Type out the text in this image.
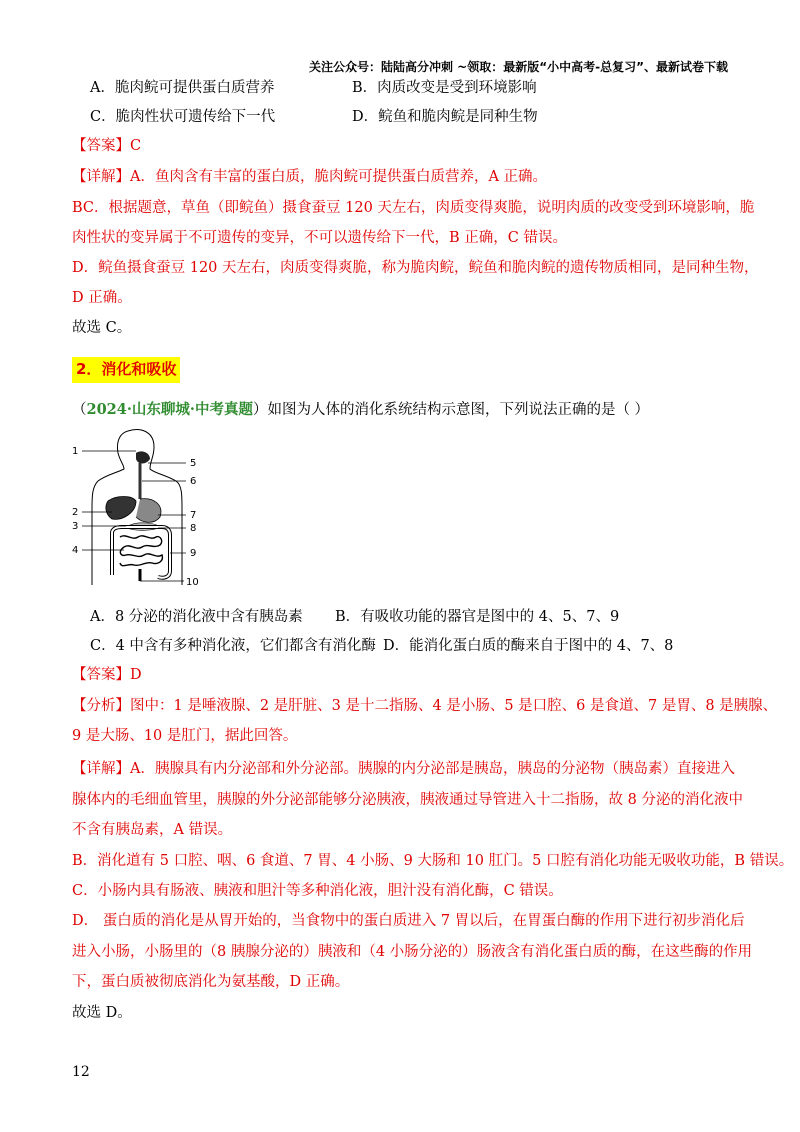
关注公众号：陆陆高分冲刺 ~领取：最新版“小中高考-总复习”、最新试卷下载
A．脆肉鲩可提供蛋白质营养	B．肉质改变是受到环境影响
C．脆肉性状可遗传给下一代	D．鲩鱼和脆肉鲩是同种生物
【答案】C
【详解】A．鱼肉含有丰富的蛋白质，脆肉鲩可提供蛋白质营养，A 正确。
BC．根据题意，草鱼（即鲩鱼）摄食蚕豆 120 天左右，肉质变得爽脆，说明肉质的改变受到环境影响，脆
肉性状的变异属于不可遗传的变异，不可以遗传给下一代，B 正确，C 错误。
D．鲩鱼摄食蚕豆 120 天左右，肉质变得爽脆，称为脆肉鲩，鲩鱼和脆肉鲩的遗传物质相同，是同种生物，
D 正确。
故选 C。
2．消化和吸收
（2024·山东聊城·中考真题）如图为人体的消化系统结构示意图，下列说法正确的是（ ）
1
2
3
4
5
6
7
8
9
10
A．8 分泌的消化液中含有胰岛素 B．有吸收功能的器官是图中的 4、5、7、9
C．4 中含有多种消化液，它们都含有消化酶 D．能消化蛋白质的酶来自于图中的 4、7、8
【答案】D
【分析】图中：1 是唾液腺、2 是肝脏、3 是十二指肠、4 是小肠、5 是口腔、6 是食道、7 是胃、8 是胰腺、
9 是大肠、10 是肛门，据此回答。
【详解】A．胰腺具有内分泌部和外分泌部。胰腺的内分泌部是胰岛，胰岛的分泌物（胰岛素）直接进入
腺体内的毛细血管里，胰腺的外分泌部能够分泌胰液，胰液通过导管进入十二指肠，故 8 分泌的消化液中
不含有胰岛素，A 错误。
B．消化道有 5 口腔、咽、6 食道、7 胃、4 小肠、9 大肠和 10 肛门。5 口腔有消化功能无吸收功能，B 错误。
C．小肠内具有肠液、胰液和胆汁等多种消化液，胆汁没有消化酶，C 错误。
D． 蛋白质的消化是从胃开始的，当食物中的蛋白质进入 7 胃以后，在胃蛋白酶的作用下进行初步消化后
进入小肠，小肠里的（8 胰腺分泌的）胰液和（4 小肠分泌的）肠液含有消化蛋白质的酶，在这些酶的作用
下，蛋白质被彻底消化为氨基酸，D 正确。
故选 D。
12
